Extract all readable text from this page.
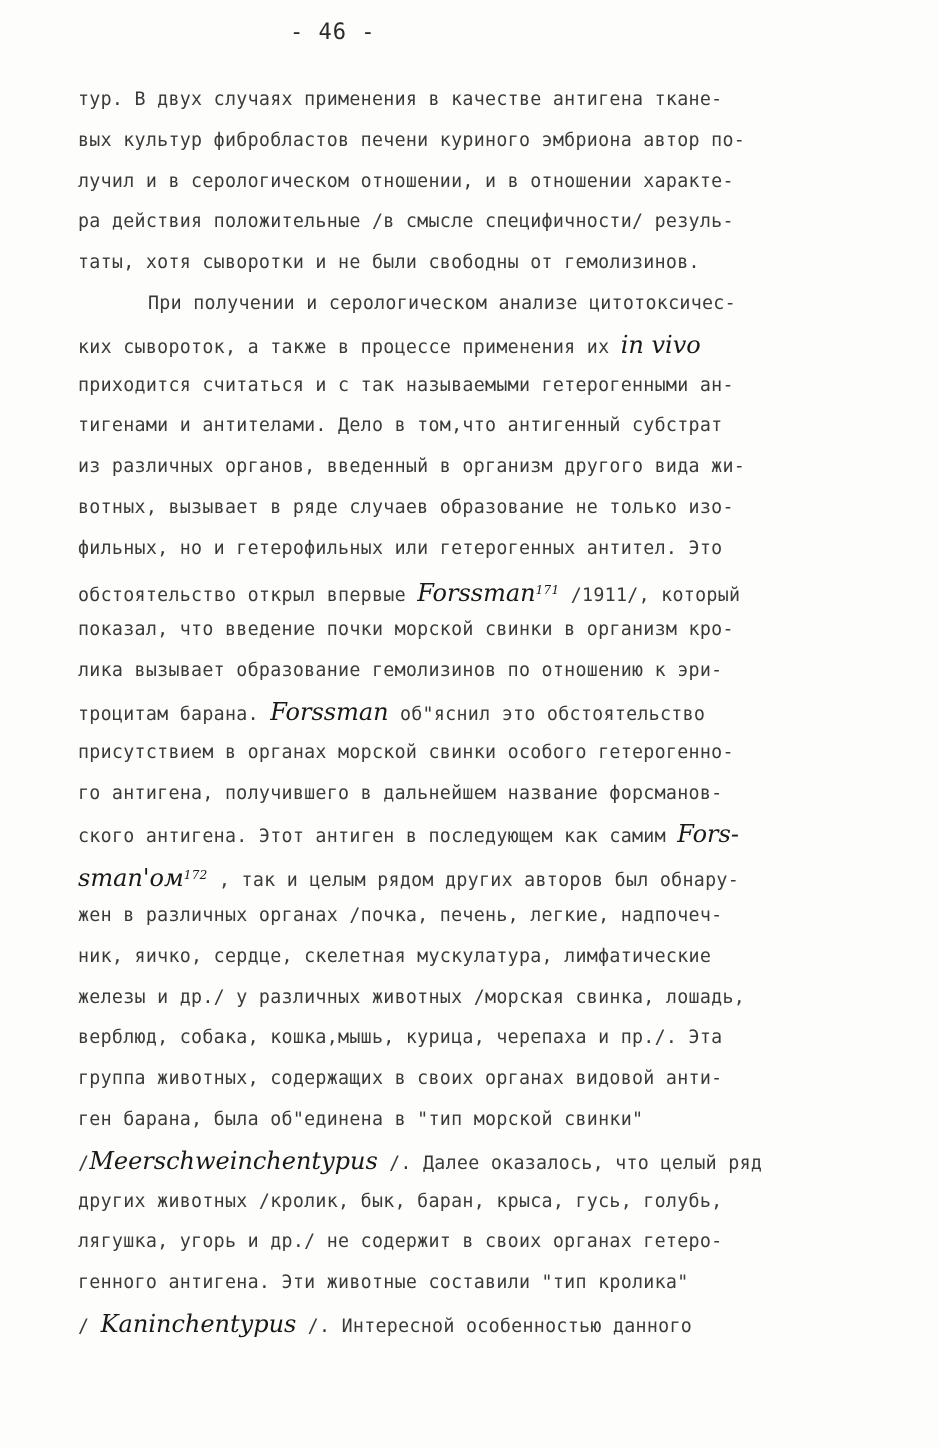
- 46 -
тур. В двух случаях применения в качестве антигена ткане-
вых культур фибробластов печени куриного эмбриона автор по-
лучил и в серологическом отношении, и в отношении характе-
ра действия положительные /в смысле специфичности/ резуль-
таты, хотя сыворотки и не были свободны от гемолизинов.
При получении и серологическом анализе цитотоксичес-
ких сывороток, а также в процессе применения их in vivo
приходится считаться и с так называемыми гетерогенными ан-
тигенами и антителами. Дело в том,что антигенный субстрат
из различных органов, введенный в организм другого вида жи-
вотных, вызывает в ряде случаев образование не только изо-
фильных, но и гетерофильных или гетерогенных антител. Это
обстоятельство открыл впервые Forssman$^{171}$ /1911/, который
показал, что введение почки морской свинки в организм кро-
лика вызывает образование гемолизинов по отношению к эри-
троцитам барана. Forssman об"яснил это обстоятельство
присутствием в органах морской свинки особого гетерогенно-
го антигена, получившего в дальнейшем название форсманов-
ского антигена. Этот антиген в последующем как самим Fors-
$sman'ом^{172}$ , так и целым рядом других авторов был обнару-
жен в различных органах /почка, печень, легкие, надпочеч-
ник, яичко, сердце, скелетная мускулатура, лимфатические
железы и др./ у различных животных /морская свинка, лошадь,
верблюд, собака, кошка,мышь, курица, черепаха и пр./. Эта
группа животных, содержащих в своих органах видовой анти-
ген барана, была об"единена в "тип морской свинки"
/Meerschweinchentypus /. Далее оказалось, что целый ряд
других животных /кролик, бык, баран, крыса, гусь, голубь,
лягушка, угорь и др./ не содержит в своих органах гетеро-
генного антигена. Эти животные составили "тип кролика"
/ Kaninchentypus /. Интересной особенностью данного
